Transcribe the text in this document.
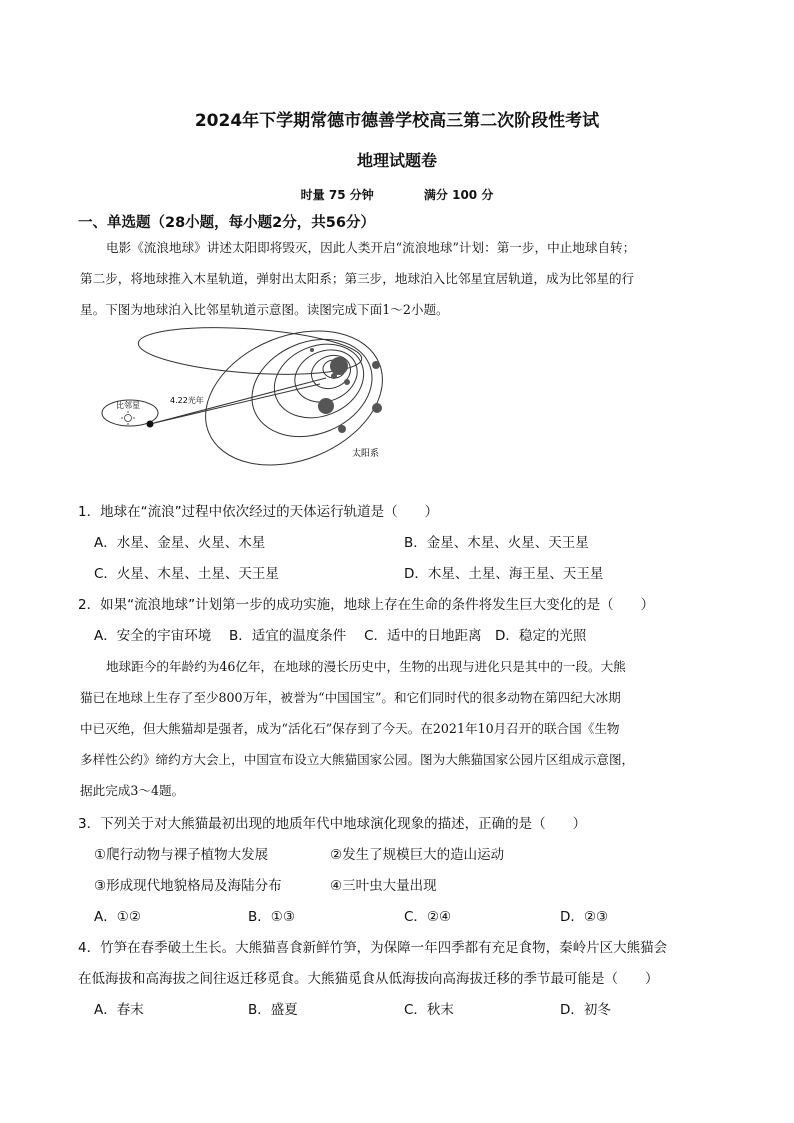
2024年下学期常德市德善学校高三第二次阶段性考试
地理试题卷
时量 75 分钟	满分 100 分
一、单选题（28小题，每小题2分，共56分）

电影《流浪地球》讲述太阳即将毁灭，因此人类开启“流浪地球”计划：第一步，中止地球自转；

第二步，将地球推入木星轨道，弹射出太阳系；第三步，地球泊入比邻星宜居轨道，成为比邻星的行

星。下图为地球泊入比邻星轨道示意图。读图完成下面1～2小题。

比邻星
4.22光年
太阳系
1．地球在“流浪”过程中依次经过的天体运行轨道是（　　）
A．水星、金星、火星、木星	B．金星、木星、火星、天王星
C．火星、木星、土星、天王星	D．木星、土星、海王星、天王星
2．如果“流浪地球”计划第一步的成功实施，地球上存在生命的条件将发生巨大变化的是（　　）
A．安全的宇宙环境　 B．适宜的温度条件　 C．适中的日地距离　D．稳定的光照

地球距今的年龄约为46亿年，在地球的漫长历史中，生物的出现与进化只是其中的一段。大熊

猫已在地球上生存了至少800万年，被誉为“中国国宝”。和它们同时代的很多动物在第四纪大冰期

中已灭绝，但大熊猫却是强者，成为“活化石”保存到了今天。在2021年10月召开的联合国《生物

多样性公约》缔约方大会上，中国宣布设立大熊猫国家公园。图为大熊猫国家公园片区组成示意图，

据此完成3～4题。

3．下列关于对大熊猫最初出现的地质年代中地球演化现象的描述，正确的是（　　）
①爬行动物与裸子植物大发展	②发生了规模巨大的造山运动
③形成现代地貌格局及海陆分布	④三叶虫大量出现
A．①②	B．①③	C．②④	D．②③
4．竹笋在春季破土生长。大熊猫喜食新鲜竹笋，为保障一年四季都有充足食物，秦岭片区大熊猫会
在低海拔和高海拔之间往返迁移觅食。大熊猫觅食从低海拔向高海拔迁移的季节最可能是（　　）
A．春末	B．盛夏	C．秋末	D．初冬
